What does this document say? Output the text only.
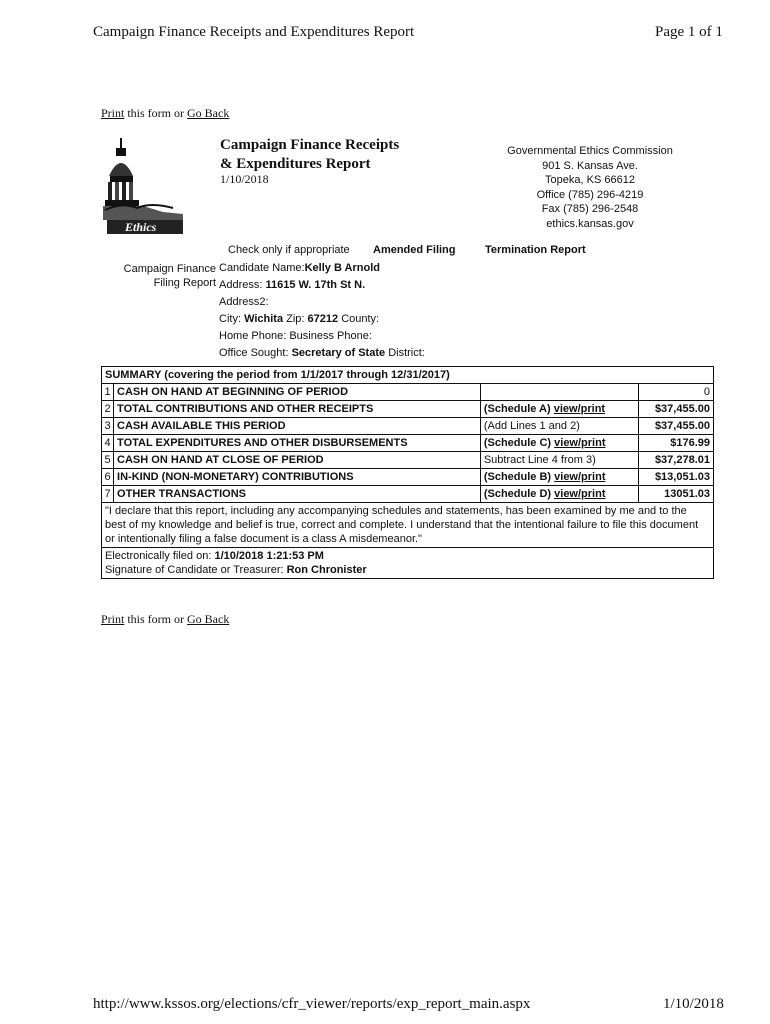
Campaign Finance Receipts and Expenditures Report	Page 1 of 1
Print this form or Go Back
Ethics
Campaign Finance Receipts
& Expenditures Report
1/10/2018
Governmental Ethics Commission
901 S. Kansas Ave.
Topeka, KS 66612
Office (785) 296-4219
Fax (785) 296-2548
ethics.kansas.gov
Check only if appropriate Amended Filing	Termination Report
Campaign Finance
Filing Report
Candidate Name:Kelly B Arnold
Address: 11615 W. 17th St N.
Address2:
City: Wichita Zip: 67212 County:
Home Phone: Business Phone:
Office Sought: Secretary of State District:
SUMMARY (covering the period from 1/1/2017 through 12/31/2017)			
1	CASH ON HAND AT BEGINNING OF PERIOD		0
2	TOTAL CONTRIBUTIONS AND OTHER RECEIPTS	(Schedule A) view/print	$37,455.00
3	CASH AVAILABLE THIS PERIOD	(Add Lines 1 and 2)	$37,455.00
4	TOTAL EXPENDITURES AND OTHER DISBURSEMENTS	(Schedule C) view/print	$176.99
5	CASH ON HAND AT CLOSE OF PERIOD	Subtract Line 4 from 3)	$37,278.01
6	IN-KIND (NON-MONETARY) CONTRIBUTIONS	(Schedule B) view/print	$13,051.03
7	OTHER TRANSACTIONS	(Schedule D) view/print	13051.03
"I declare that this report, including any accompanying schedules and statements, has been examined by me and to the best of my knowledge and belief is true, correct and complete. I understand that the intentional failure to file this document or intentionally filing a false document is a class A misdemeanor."			

Electronically filed on: 1/10/2018 1:21:53 PM
Signature of Candidate or Treasurer: Ron Chronister			
Print this form or Go Back
http://www.kssos.org/elections/cfr_viewer/reports/exp_report_main.aspx	1/10/2018
